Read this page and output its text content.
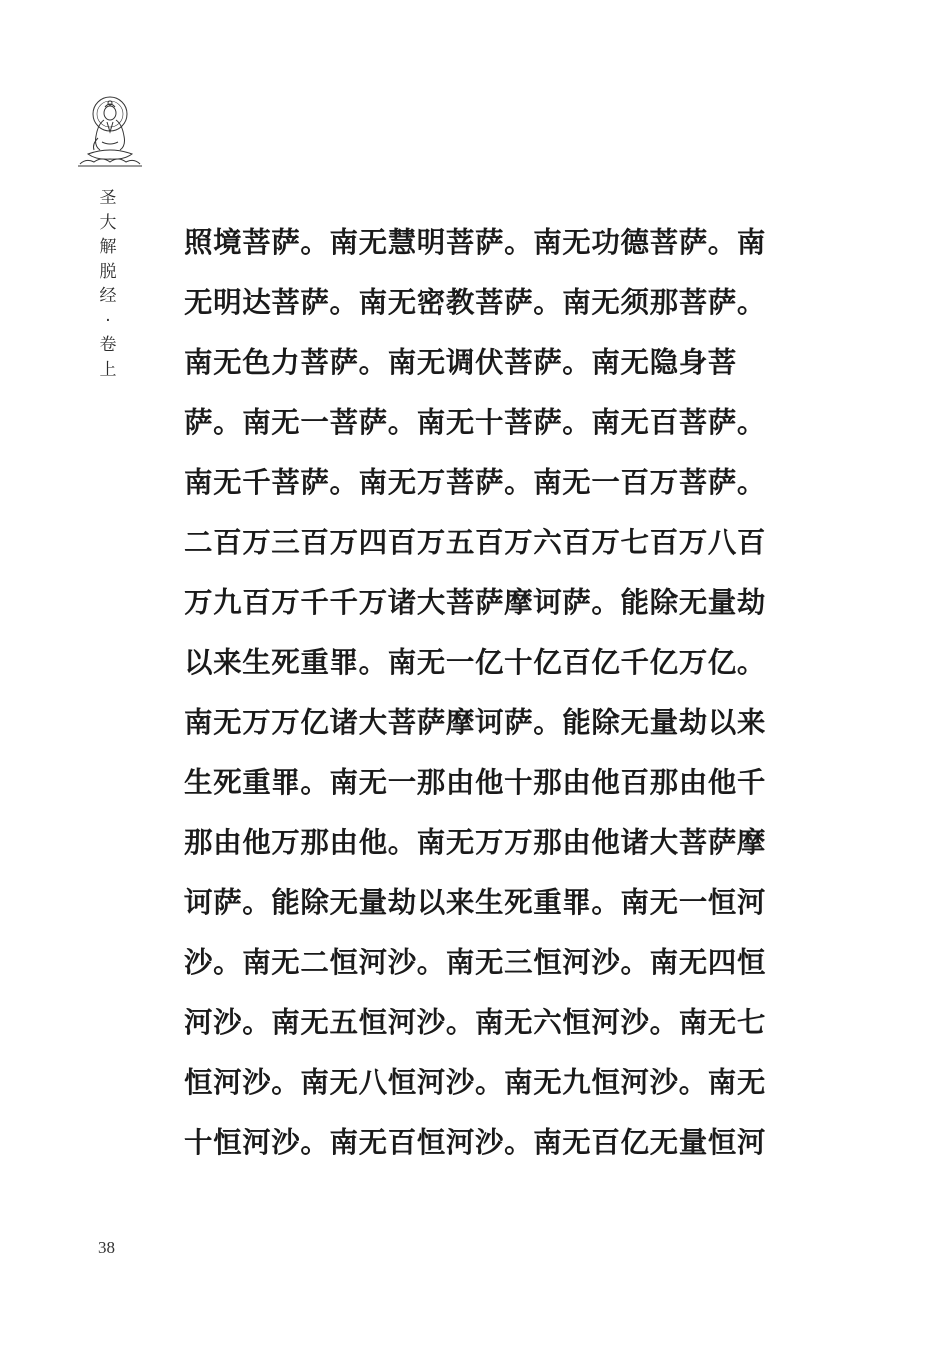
圣
大
解
脱
经
·
卷
上
照境菩萨。南无慧明菩萨。南无功德菩萨。南
无明达菩萨。南无密教菩萨。南无须那菩萨。
南无色力菩萨。南无调伏菩萨。南无隐身菩
萨。南无一菩萨。南无十菩萨。南无百菩萨。
南无千菩萨。南无万菩萨。南无一百万菩萨。
二百万三百万四百万五百万六百万七百万八百
万九百万千千万诸大菩萨摩诃萨。能除无量劫
以来生死重罪。南无一亿十亿百亿千亿万亿。
南无万万亿诸大菩萨摩诃萨。能除无量劫以来
生死重罪。南无一那由他十那由他百那由他千
那由他万那由他。南无万万那由他诸大菩萨摩
诃萨。能除无量劫以来生死重罪。南无一恒河
沙。南无二恒河沙。南无三恒河沙。南无四恒
河沙。南无五恒河沙。南无六恒河沙。南无七
恒河沙。南无八恒河沙。南无九恒河沙。南无
十恒河沙。南无百恒河沙。南无百亿无量恒河
38
